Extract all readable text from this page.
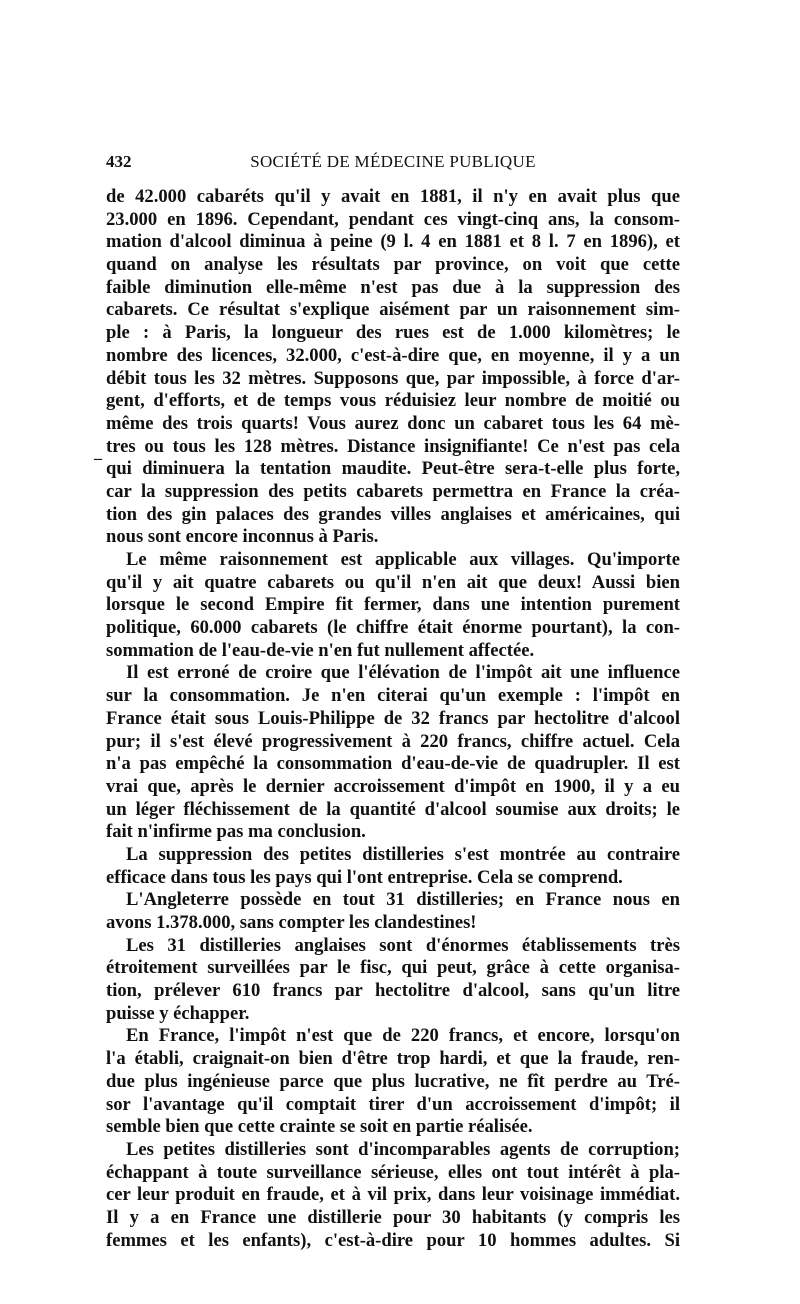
432	SOCIÉTÉ DE MÉDECINE PUBLIQUE
_
de 42.000 cabaréts qu'il y avait en 1881, il n'y en avait plus que
23.000 en 1896. Cependant, pendant ces vingt-cinq ans, la consom-
mation d'alcool diminua à peine (9 l. 4 en 1881 et 8 l. 7 en 1896), et
quand on analyse les résultats par province, on voit que cette
faible diminution elle-même n'est pas due à la suppression des
cabarets. Ce résultat s'explique aisément par un raisonnement sim-
ple : à Paris, la longueur des rues est de 1.000 kilomètres; le
nombre des licences, 32.000, c'est-à-dire que, en moyenne, il y a un
débit tous les 32 mètres. Supposons que, par impossible, à force d'ar-
gent, d'efforts, et de temps vous réduisiez leur nombre de moitié ou
même des trois quarts! Vous aurez donc un cabaret tous les 64 mè-
tres ou tous les 128 mètres. Distance insignifiante! Ce n'est pas cela
qui diminuera la tentation maudite. Peut-être sera-t-elle plus forte,
car la suppression des petits cabarets permettra en France la créa-
tion des gin palaces des grandes villes anglaises et américaines, qui
nous sont encore inconnus à Paris.
Le même raisonnement est applicable aux villages. Qu'importe
qu'il y ait quatre cabarets ou qu'il n'en ait que deux! Aussi bien
lorsque le second Empire fit fermer, dans une intention purement
politique, 60.000 cabarets (le chiffre était énorme pourtant), la con-
sommation de l'eau-de-vie n'en fut nullement affectée.
Il est erroné de croire que l'élévation de l'impôt ait une influence
sur la consommation. Je n'en citerai qu'un exemple : l'impôt en
France était sous Louis-Philippe de 32 francs par hectolitre d'alcool
pur; il s'est élevé progressivement à 220 francs, chiffre actuel. Cela
n'a pas empêché la consommation d'eau-de-vie de quadrupler. Il est
vrai que, après le dernier accroissement d'impôt en 1900, il y a eu
un léger fléchissement de la quantité d'alcool soumise aux droits; le
fait n'infirme pas ma conclusion.
La suppression des petites distilleries s'est montrée au contraire
efficace dans tous les pays qui l'ont entreprise. Cela se comprend.
L'Angleterre possède en tout 31 distilleries; en France nous en
avons 1.378.000, sans compter les clandestines!
Les 31 distilleries anglaises sont d'énormes établissements très
étroitement surveillées par le fisc, qui peut, grâce à cette organisa-
tion, prélever 610 francs par hectolitre d'alcool, sans qu'un litre
puisse y échapper.
En France, l'impôt n'est que de 220 francs, et encore, lorsqu'on
l'a établi, craignait-on bien d'être trop hardi, et que la fraude, ren-
due plus ingénieuse parce que plus lucrative, ne fît perdre au Tré-
sor l'avantage qu'il comptait tirer d'un accroissement d'impôt; il
semble bien que cette crainte se soit en partie réalisée.
Les petites distilleries sont d'incomparables agents de corruption;
échappant à toute surveillance sérieuse, elles ont tout intérêt à pla-
cer leur produit en fraude, et à vil prix, dans leur voisinage immédiat.
Il y a en France une distillerie pour 30 habitants (y compris les
femmes et les enfants), c'est-à-dire pour 10 hommes adultes. Si
